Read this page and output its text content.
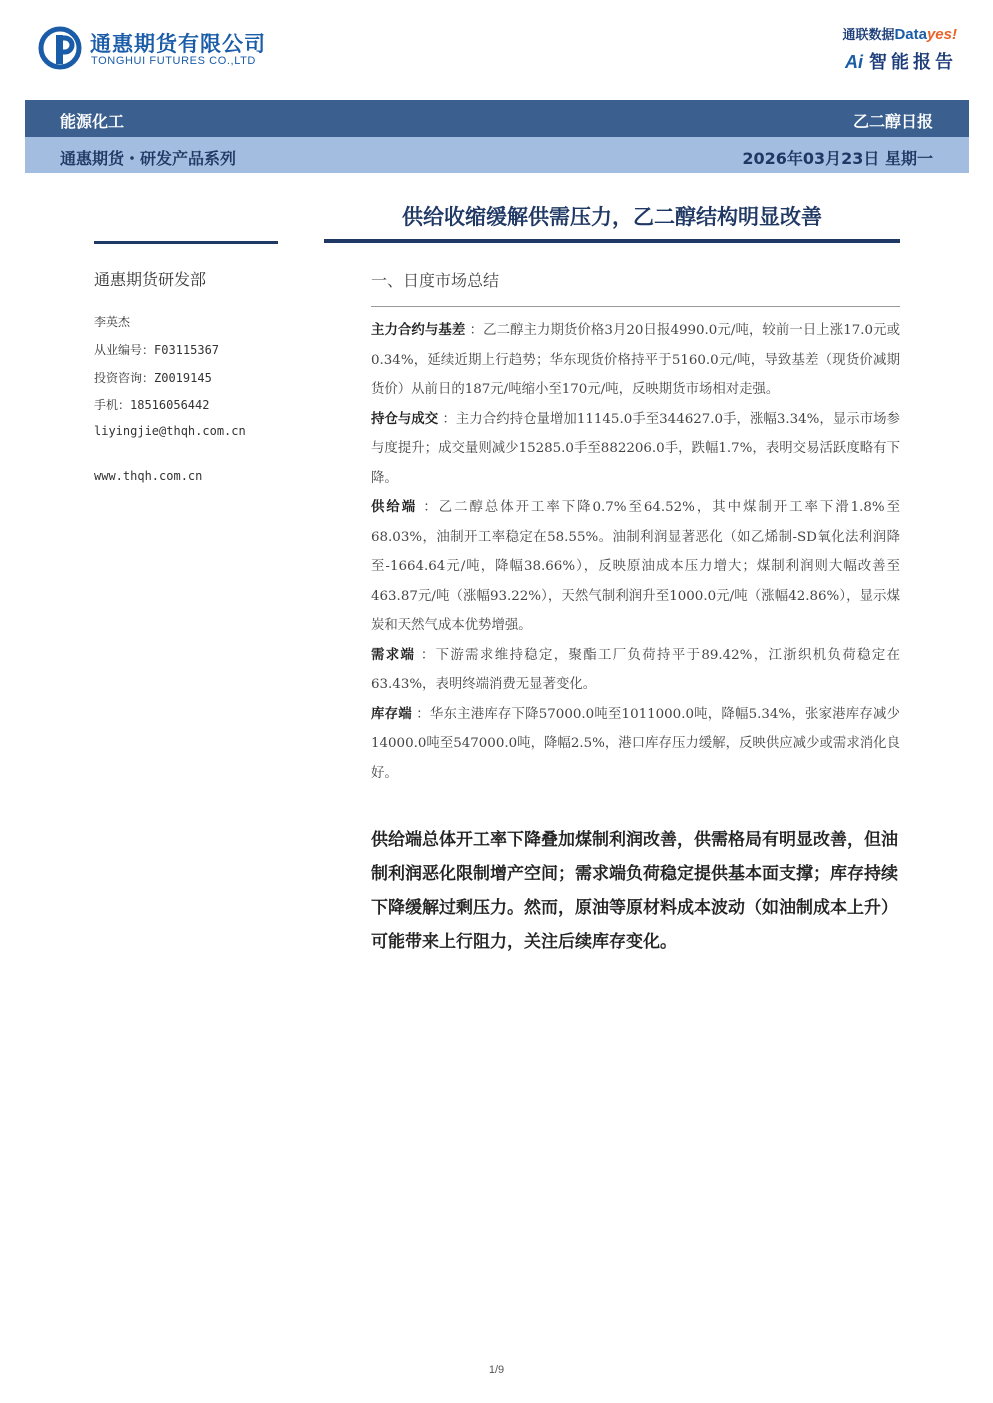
通惠期货有限公司
TONGHUI FUTURES CO.,LTD
通联数据Datayes!
Ai 智能报告
能源化工	乙二醇日报
通惠期货・研发产品系列	2026年03月23日 星期一
供给收缩缓解供需压力，乙二醇结构明显改善
通惠期货研发部
李英杰
从业编号：F03115367
投资咨询：Z0019145
手机：18516056442
liyingjie@thqh.com.cn
www.thqh.com.cn
一、日度市场总结

主力合约与基差 ：乙二醇主力期货价格3月20日报4990.0元/吨，较前一日上涨17.0元或0.34%，延续近期上行趋势；华东现货价格持平于5160.0元/吨，导致基差（现货价减期货价）从前日的187元/吨缩小至170元/吨，反映期货市场相对走强。

持仓与成交 ：主力合约持仓量增加11145.0手至344627.0手，涨幅3.34%，显示市场参与度提升；成交量则减少15285.0手至882206.0手，跌幅1.7%，表明交易活跃度略有下降。

供给端 ：乙二醇总体开工率下降0.7%至64.52%，其中煤制开工率下滑1.8%至68.03%，油制开工率稳定在58.55%。油制利润显著恶化（如乙烯制-SD氧化法利润降至-1664.64元/吨，降幅38.66%），反映原油成本压力增大；煤制利润则大幅改善至463.87元/吨（涨幅93.22%），天然气制利润升至1000.0元/吨（涨幅42.86%），显示煤炭和天然气成本优势增强。

需求端 ：下游需求维持稳定，聚酯工厂负荷持平于89.42%，江浙织机负荷稳定在63.43%，表明终端消费无显著变化。

库存端 ：华东主港库存下降57000.0吨至1011000.0吨，降幅5.34%，张家港库存减少14000.0吨至547000.0吨，降幅2.5%，港口库存压力缓解，反映供应减少或需求消化良好。

供给端总体开工率下降叠加煤制利润改善，供需格局有明显改善，但油制利润恶化限制增产空间；需求端负荷稳定提供基本面支撑；库存持续下降缓解过剩压力。然而，原油等原材料成本波动（如油制成本上升）可能带来上行阻力，关注后续库存变化。
1/9
